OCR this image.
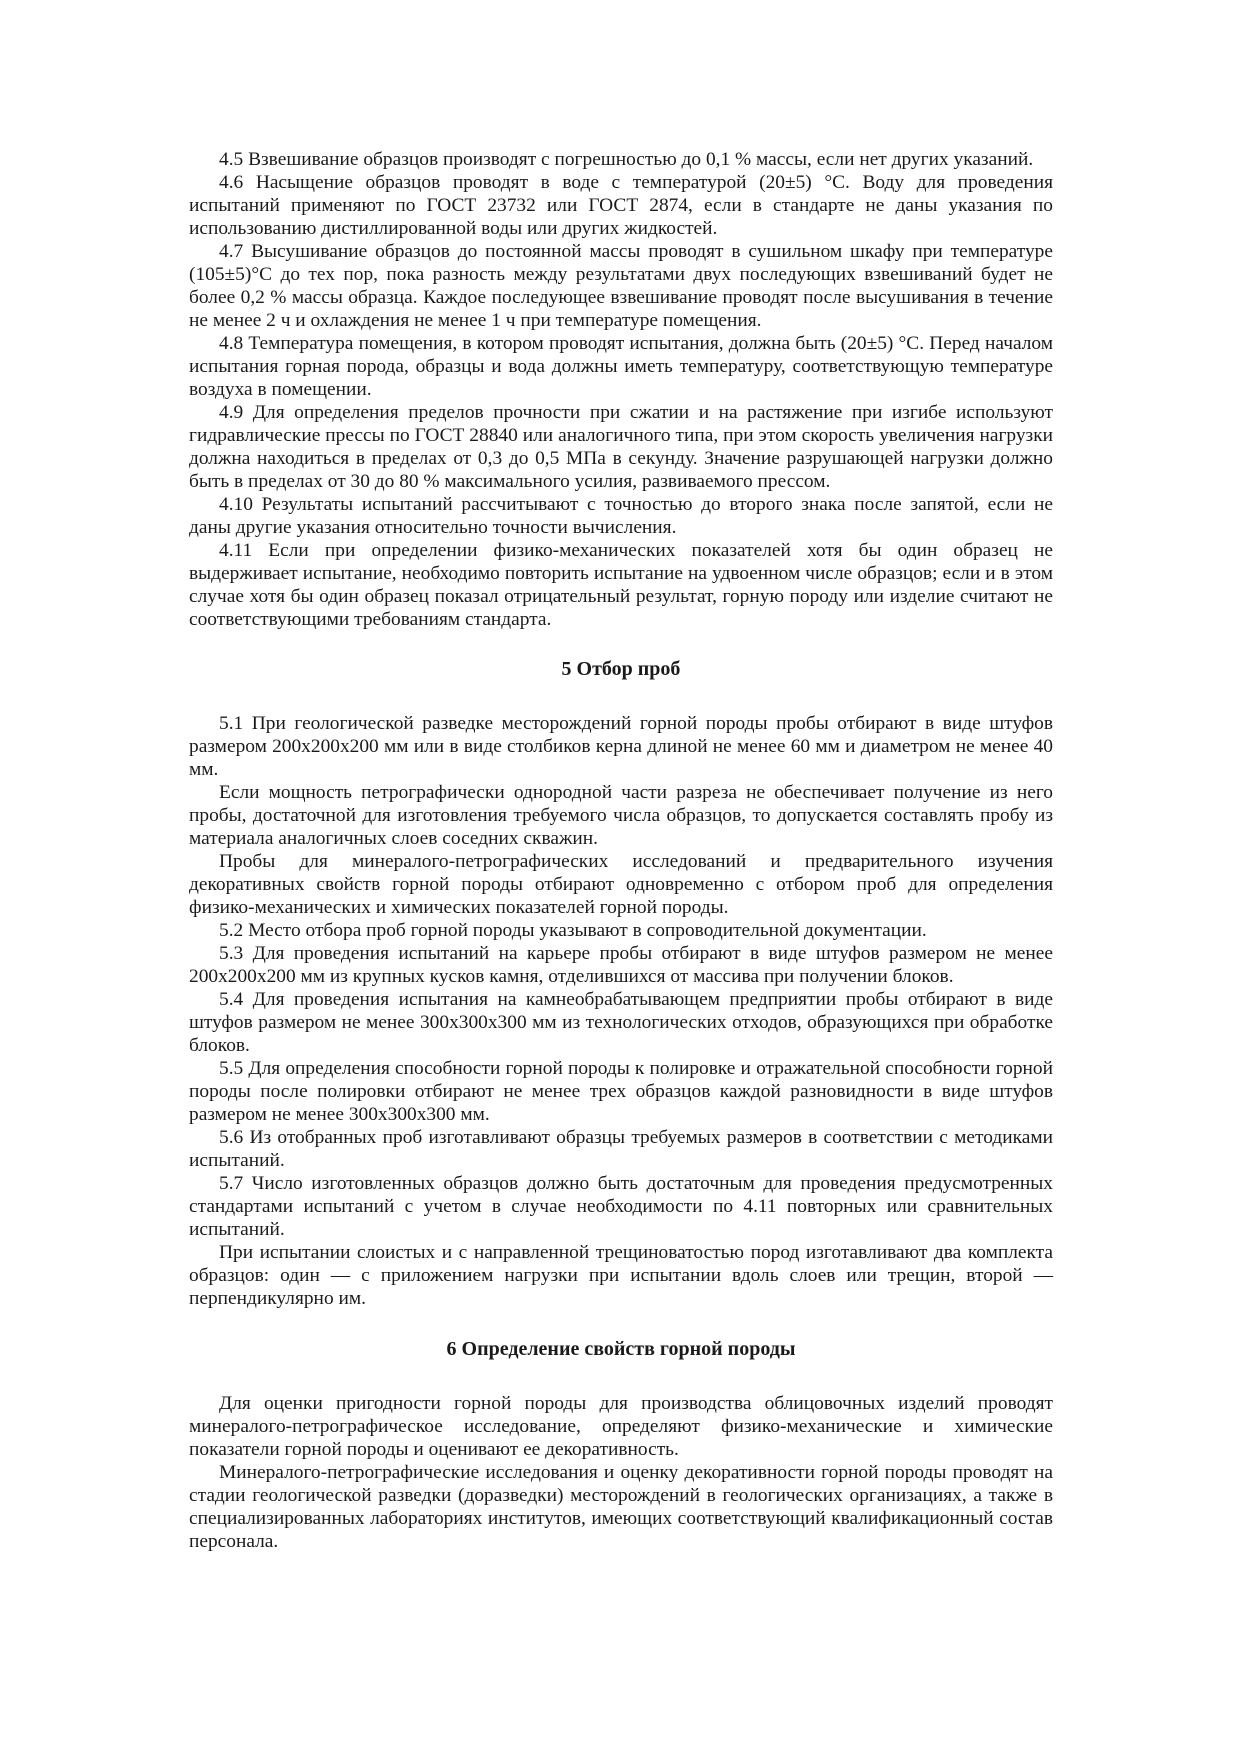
4.5 Взвешивание образцов производят с погрешностью до 0,1 % массы, если нет других указаний.

4.6 Насыщение образцов проводят в воде с температурой (20±5) °С. Воду для проведения испытаний применяют по ГОСТ 23732 или ГОСТ 2874, если в стандарте не даны указания по использованию дистиллированной воды или других жидкостей.

4.7 Высушивание образцов до постоянной массы проводят в сушильном шкафу при температуре (105±5)°С до тех пор, пока разность между результатами двух последующих взвешиваний будет не более 0,2 % массы образца. Каждое последующее взвешивание проводят после высушивания в течение не менее 2 ч и охлаждения не менее 1 ч при температуре помещения.

4.8 Температура помещения, в котором проводят испытания, должна быть (20±5) °С. Перед началом испытания горная порода, образцы и вода должны иметь температуру, соответствующую температуре воздуха в помещении.

4.9 Для определения пределов прочности при сжатии и на растяжение при изгибе используют гидравлические прессы по ГОСТ 28840 или аналогичного типа, при этом скорость увеличения нагрузки должна находиться в пределах от 0,3 до 0,5 МПа в секунду. Значение разрушающей нагрузки должно быть в пределах от 30 до 80 % максимального усилия, развиваемого прессом.

4.10 Результаты испытаний рассчитывают с точностью до второго знака после запятой, если не даны другие указания относительно точности вычисления.

4.11 Если при определении физико-механических показателей хотя бы один образец не выдерживает испытание, необходимо повторить испытание на удвоенном числе образцов; если и в этом случае хотя бы один образец показал отрицательный результат, горную породу или изделие считают не соответствующими требованиям стандарта.

5 Отбор проб

5.1 При геологической разведке месторождений горной породы пробы отбирают в виде штуфов размером 200х200х200 мм или в виде столбиков керна длиной не менее 60 мм и диаметром не менее 40 мм.

Если мощность петрографически однородной части разреза не обеспечивает получение из него пробы, достаточной для изготовления требуемого числа образцов, то допускается составлять пробу из материала аналогичных слоев соседних скважин.

Пробы для минералого-петрографических исследований и предварительного изучения декоративных свойств горной породы отбирают одновременно с отбором проб для определения физико-механических и химических показателей горной породы.

5.2 Место отбора проб горной породы указывают в сопроводительной документации.

5.3 Для проведения испытаний на карьере пробы отбирают в виде штуфов размером не менее 200х200х200 мм из крупных кусков камня, отделившихся от массива при получении блоков.

5.4 Для проведения испытания на камнеобрабатывающем предприятии пробы отбирают в виде штуфов размером не менее 300х300х300 мм из технологических отходов, образующихся при обработке блоков.

5.5 Для определения способности горной породы к полировке и отражательной способности горной породы после полировки отбирают не менее трех образцов каждой разновидности в виде штуфов размером не менее 300х300х300 мм.

5.6 Из отобранных проб изготавливают образцы требуемых размеров в соответствии с методиками испытаний.

5.7 Число изготовленных образцов должно быть достаточным для проведения предусмотренных стандартами испытаний с учетом в случае необходимости по 4.11 повторных или сравнительных испытаний.

При испытании слоистых и с направленной трещиноватостью пород изготавливают два комплекта образцов: один — с приложением нагрузки при испытании вдоль слоев или трещин, второй — перпендикулярно им.

6 Определение свойств горной породы

Для оценки пригодности горной породы для производства облицовочных изделий проводят минералого-петрографическое исследование, определяют физико-механические и химические показатели горной породы и оценивают ее декоративность.

Минералого-петрографические исследования и оценку декоративности горной породы проводят на стадии геологической разведки (доразведки) месторождений в геологических организациях, а также в специализированных лабораториях институтов, имеющих соответствующий квалификационный состав персонала.
